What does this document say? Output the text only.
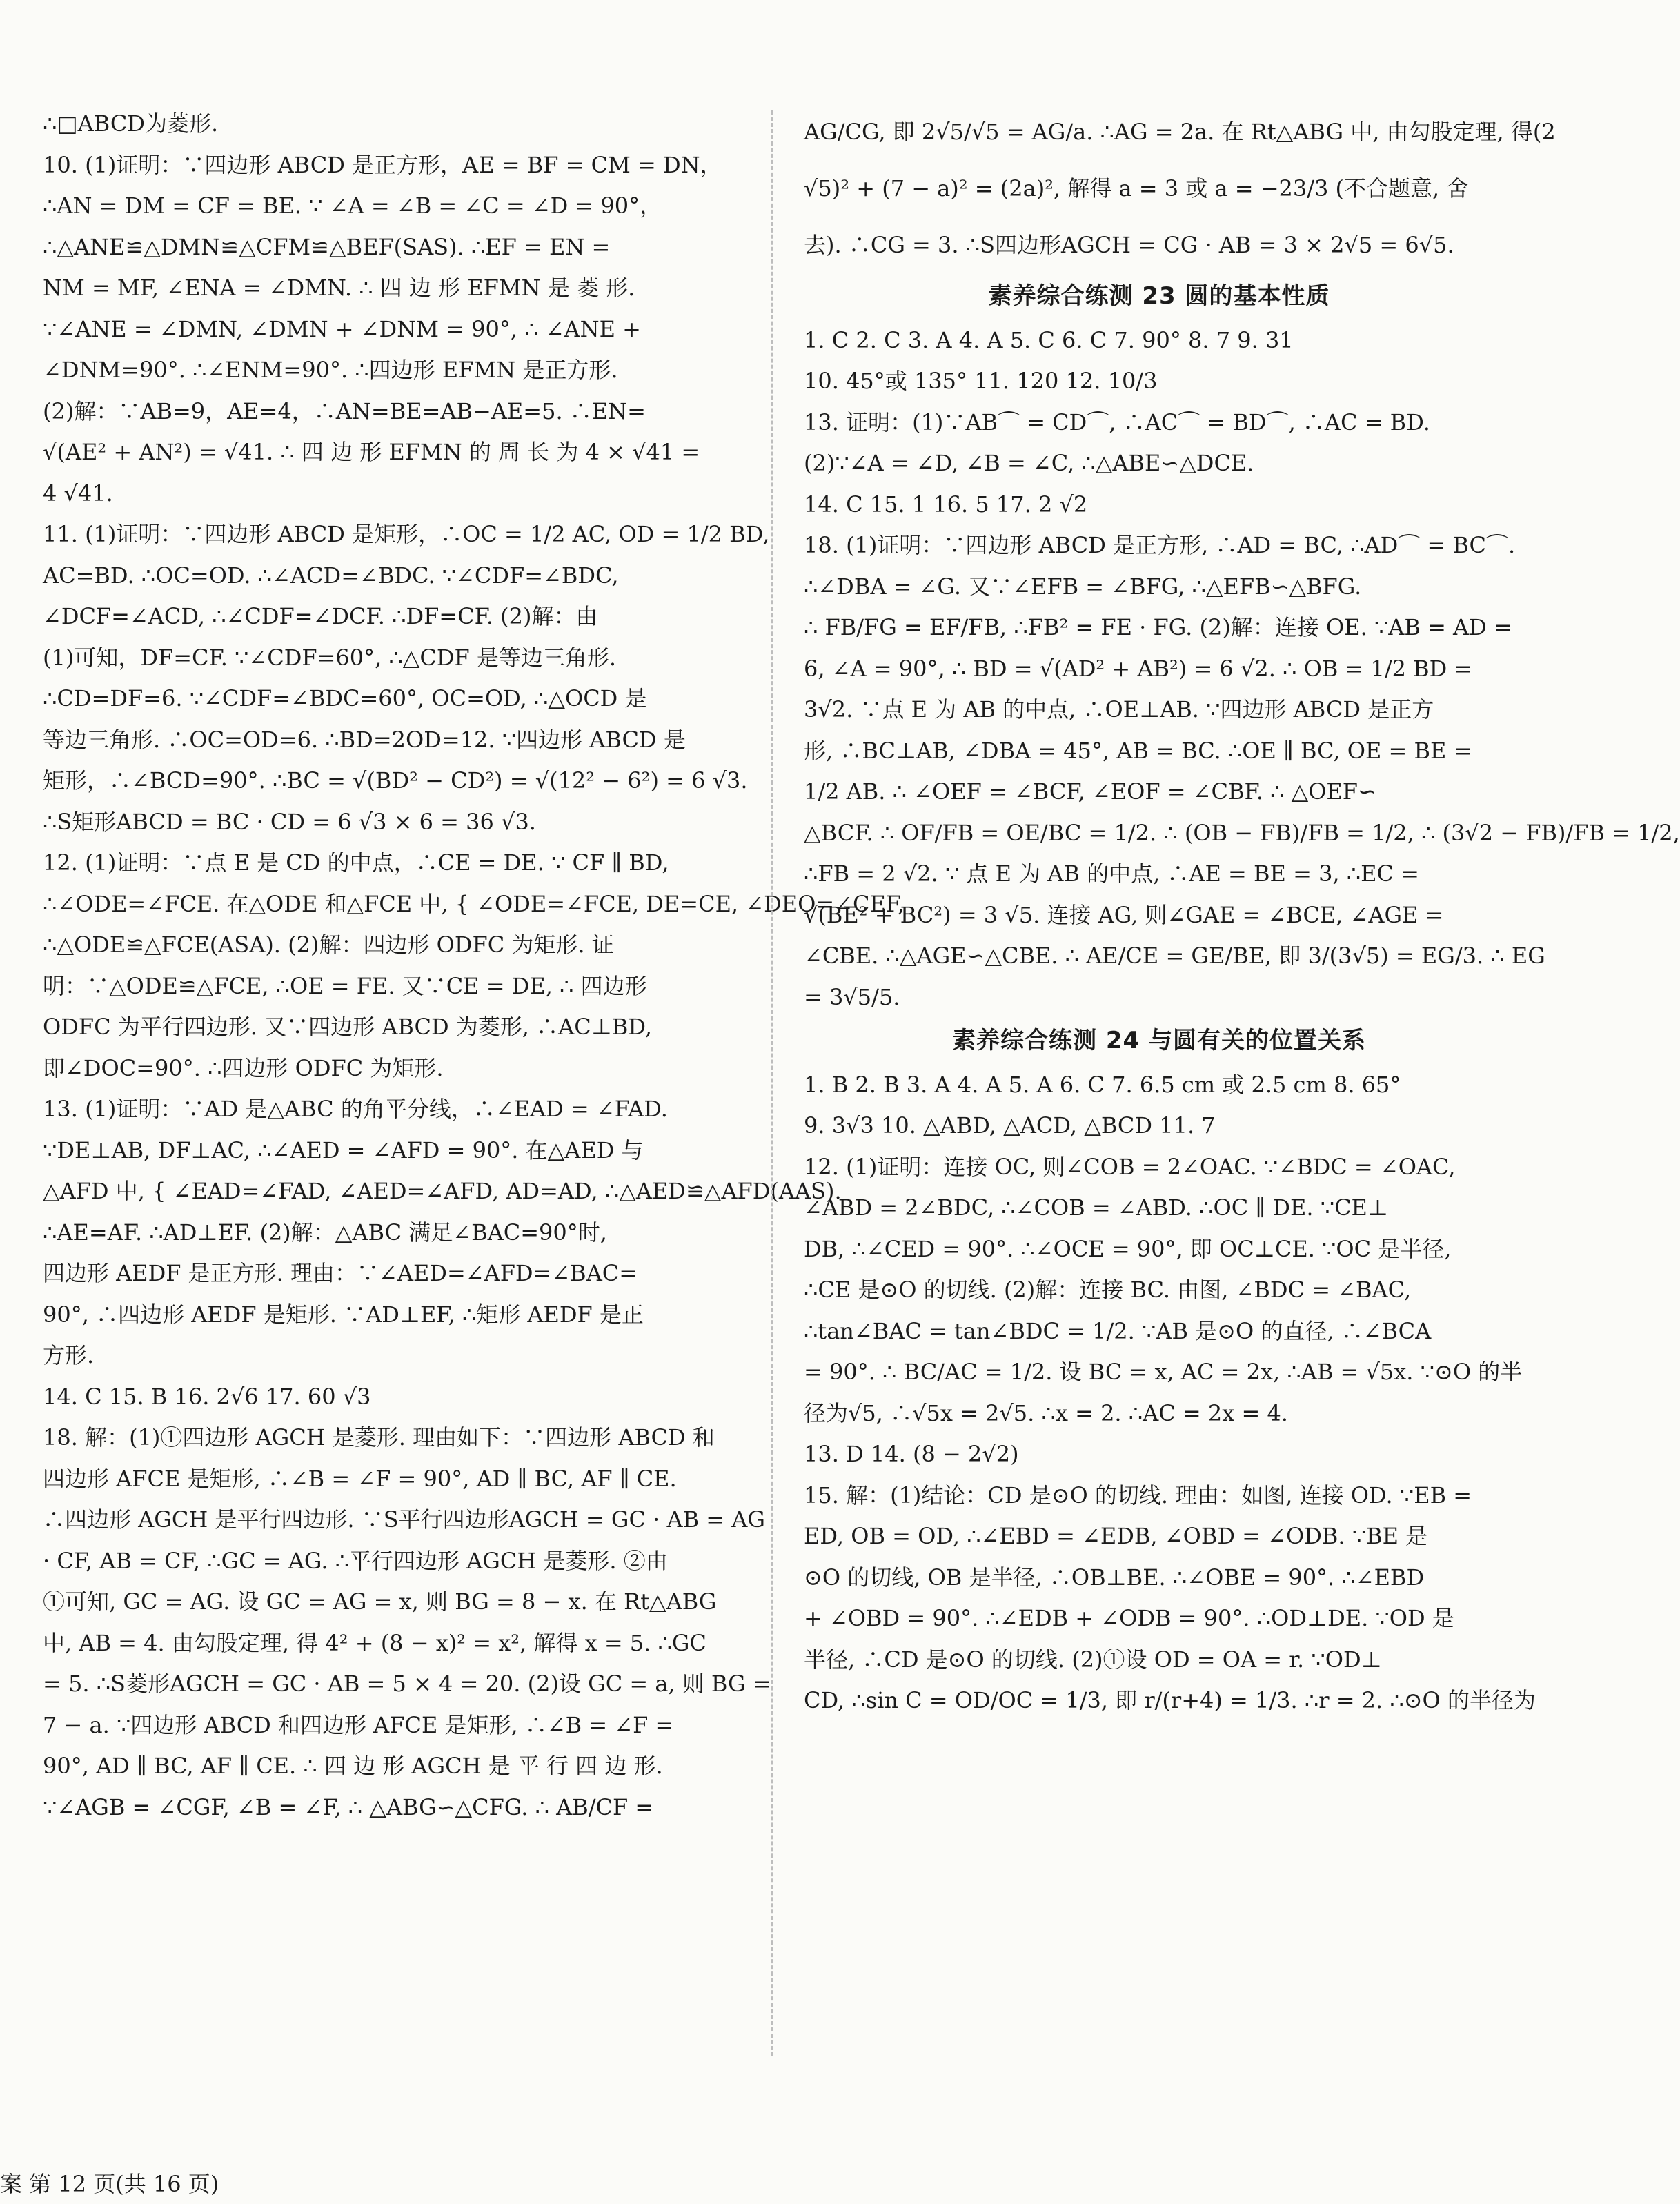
∴□ABCD为菱形.
10. (1)证明：∵四边形 ABCD 是正方形，AE = BF = CM = DN，
∴AN = DM = CF = BE. ∵ ∠A = ∠B = ∠C = ∠D = 90°，
∴△ANE≌△DMN≌△CFM≌△BEF(SAS). ∴EF = EN =
NM = MF, ∠ENA = ∠DMN. ∴ 四 边 形 EFMN 是 菱 形.
∵∠ANE = ∠DMN, ∠DMN + ∠DNM = 90°, ∴ ∠ANE +
∠DNM=90°. ∴∠ENM=90°. ∴四边形 EFMN 是正方形.
(2)解：∵AB=9，AE=4，∴AN=BE=AB−AE=5. ∴EN=
√(AE² + AN²) = √41. ∴ 四 边 形 EFMN 的 周 长 为 4 × √41 =
4 √41.
11. (1)证明：∵四边形 ABCD 是矩形，∴OC = 1/2 AC, OD = 1/2 BD,
AC=BD. ∴OC=OD. ∴∠ACD=∠BDC. ∵∠CDF=∠BDC,
∠DCF=∠ACD, ∴∠CDF=∠DCF. ∴DF=CF. (2)解：由
(1)可知，DF=CF. ∵∠CDF=60°, ∴△CDF 是等边三角形.
∴CD=DF=6. ∵∠CDF=∠BDC=60°, OC=OD, ∴△OCD 是
等边三角形. ∴OC=OD=6. ∴BD=2OD=12. ∵四边形 ABCD 是
矩形，∴∠BCD=90°. ∴BC = √(BD² − CD²) = √(12² − 6²) = 6 √3.
∴S矩形ABCD = BC · CD = 6 √3 × 6 = 36 √3.
12. (1)证明：∵点 E 是 CD 的中点，∴CE = DE. ∵ CF ∥ BD,
∴∠ODE=∠FCE. 在△ODE 和△FCE 中, { ∠ODE=∠FCE, DE=CE, ∠DEO=∠CEF,
∴△ODE≌△FCE(ASA). (2)解：四边形 ODFC 为矩形. 证
明：∵△ODE≌△FCE, ∴OE = FE. 又∵CE = DE, ∴ 四边形
ODFC 为平行四边形. 又∵四边形 ABCD 为菱形, ∴AC⊥BD,
即∠DOC=90°. ∴四边形 ODFC 为矩形.
13. (1)证明：∵AD 是△ABC 的角平分线，∴∠EAD = ∠FAD.
∵DE⊥AB, DF⊥AC, ∴∠AED = ∠AFD = 90°. 在△AED 与
△AFD 中, { ∠EAD=∠FAD, ∠AED=∠AFD, AD=AD, ∴△AED≌△AFD(AAS).
∴AE=AF. ∴AD⊥EF. (2)解：△ABC 满足∠BAC=90°时,
四边形 AEDF 是正方形. 理由：∵∠AED=∠AFD=∠BAC=
90°, ∴四边形 AEDF 是矩形. ∵AD⊥EF, ∴矩形 AEDF 是正
方形.
14. C 15. B 16. 2√6 17. 60 √3
18. 解：(1)①四边形 AGCH 是菱形. 理由如下：∵四边形 ABCD 和
四边形 AFCE 是矩形, ∴∠B = ∠F = 90°, AD ∥ BC, AF ∥ CE.
∴四边形 AGCH 是平行四边形. ∵S平行四边形AGCH = GC · AB = AG
· CF, AB = CF, ∴GC = AG. ∴平行四边形 AGCH 是菱形. ②由
①可知, GC = AG. 设 GC = AG = x, 则 BG = 8 − x. 在 Rt△ABG
中, AB = 4. 由勾股定理, 得 4² + (8 − x)² = x², 解得 x = 5. ∴GC
= 5. ∴S菱形AGCH = GC · AB = 5 × 4 = 20. (2)设 GC = a, 则 BG =
7 − a. ∵四边形 ABCD 和四边形 AFCE 是矩形, ∴∠B = ∠F =
90°, AD ∥ BC, AF ∥ CE. ∴ 四 边 形 AGCH 是 平 行 四 边 形.
∵∠AGB = ∠CGF, ∠B = ∠F, ∴ △ABG∽△CFG. ∴ AB/CF =
AG/CG, 即 2√5/√5 = AG/a. ∴AG = 2a. 在 Rt△ABG 中, 由勾股定理, 得(2
√5)² + (7 − a)² = (2a)², 解得 a = 3 或 a = −23/3 (不合题意, 舍
去). ∴CG = 3. ∴S四边形AGCH = CG · AB = 3 × 2√5 = 6√5.
素养综合练测 23 圆的基本性质
1. C 2. C 3. A 4. A 5. C 6. C 7. 90° 8. 7 9. 31
10. 45°或 135° 11. 120 12. 10/3
13. 证明：(1)∵AB⌒ = CD⌒, ∴AC⌒ = BD⌒, ∴AC = BD.
(2)∵∠A = ∠D, ∠B = ∠C, ∴△ABE∽△DCE.
14. C 15. 1 16. 5 17. 2 √2
18. (1)证明：∵四边形 ABCD 是正方形, ∴AD = BC, ∴AD⌒ = BC⌒.
∴∠DBA = ∠G. 又∵∠EFB = ∠BFG, ∴△EFB∽△BFG.
∴ FB/FG = EF/FB, ∴FB² = FE · FG. (2)解：连接 OE. ∵AB = AD =
6, ∠A = 90°, ∴ BD = √(AD² + AB²) = 6 √2. ∴ OB = 1/2 BD =
3√2. ∵点 E 为 AB 的中点, ∴OE⊥AB. ∵四边形 ABCD 是正方
形, ∴BC⊥AB, ∠DBA = 45°, AB = BC. ∴OE ∥ BC, OE = BE =
1/2 AB. ∴ ∠OEF = ∠BCF, ∠EOF = ∠CBF. ∴ △OEF∽
△BCF. ∴ OF/FB = OE/BC = 1/2. ∴ (OB − FB)/FB = 1/2, ∴ (3√2 − FB)/FB = 1/2,
∴FB = 2 √2. ∵ 点 E 为 AB 的中点, ∴AE = BE = 3, ∴EC =
√(BE² + BC²) = 3 √5. 连接 AG, 则∠GAE = ∠BCE, ∠AGE =
∠CBE. ∴△AGE∽△CBE. ∴ AE/CE = GE/BE, 即 3/(3√5) = EG/3. ∴ EG
= 3√5/5.
素养综合练测 24 与圆有关的位置关系
1. B 2. B 3. A 4. A 5. A 6. C 7. 6.5 cm 或 2.5 cm 8. 65°
9. 3√3 10. △ABD, △ACD, △BCD 11. 7
12. (1)证明：连接 OC, 则∠COB = 2∠OAC. ∵∠BDC = ∠OAC,
∠ABD = 2∠BDC, ∴∠COB = ∠ABD. ∴OC ∥ DE. ∵CE⊥
DB, ∴∠CED = 90°. ∴∠OCE = 90°, 即 OC⊥CE. ∵OC 是半径,
∴CE 是⊙O 的切线. (2)解：连接 BC. 由图, ∠BDC = ∠BAC,
∴tan∠BAC = tan∠BDC = 1/2. ∵AB 是⊙O 的直径, ∴∠BCA
= 90°. ∴ BC/AC = 1/2. 设 BC = x, AC = 2x, ∴AB = √5x. ∵⊙O 的半
径为√5, ∴√5x = 2√5. ∴x = 2. ∴AC = 2x = 4.
13. D 14. (8 − 2√2)
15. 解：(1)结论：CD 是⊙O 的切线. 理由：如图, 连接 OD. ∵EB =
ED, OB = OD, ∴∠EBD = ∠EDB, ∠OBD = ∠ODB. ∵BE 是
⊙O 的切线, OB 是半径, ∴OB⊥BE. ∴∠OBE = 90°. ∴∠EBD
+ ∠OBD = 90°. ∴∠EDB + ∠ODB = 90°. ∴OD⊥DE. ∵OD 是
半径, ∴CD 是⊙O 的切线. (2)①设 OD = OA = r. ∵OD⊥
CD, ∴sin C = OD/OC = 1/3, 即 r/(r+4) = 1/3. ∴r = 2. ∴⊙O 的半径为
案 第 12 页(共 16 页)
